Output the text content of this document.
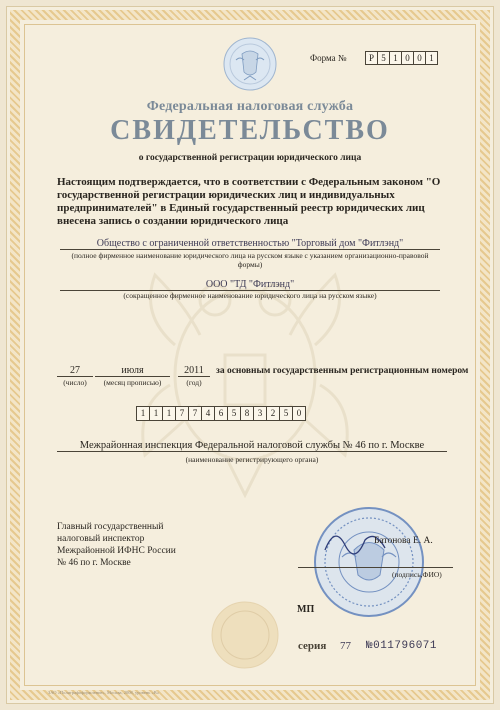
Форма №	Р 5 1 0 0 1
Федеральная налоговая служба
СВИДЕТЕЛЬСТВО
о государственной регистрации юридического лица
Настоящим подтверждается, что в соответствии с Федеральным законом "О государственной регистрации юридических лиц и индивидуальных предпринимателей" в Единый государственный реестр юридических лиц внесена запись о создании юридического лица
Общество с ограниченной ответственностью "Торговый дом "Фитлэнд"
(полное фирменное наименование юридического лица на русском языке с указанием организационно-правовой формы)
ООО "ТД "Фитлэнд"
(сокращенное фирменное наименование юридического лица на русском языке)
27
(число)
июля
(месяц прописью)
2011
(год)
за основным государственным регистрационным номером
1 1 1 7 7 4 6 5 8 3 2 5 0
Межрайонная инспекция Федеральной налоговой службы № 46 по г. Москве
(наименование регистрирующего органа)
Главный государственный
налоговый инспектор
Межрайонной ИФНС России
№ 46 по г. Москве
Батонова Е. А.
(подпись,ФИО)
МП
серия 77 №011796071
ЗАО «Полиграфоформление», Москва, 2008, уровень «В»
